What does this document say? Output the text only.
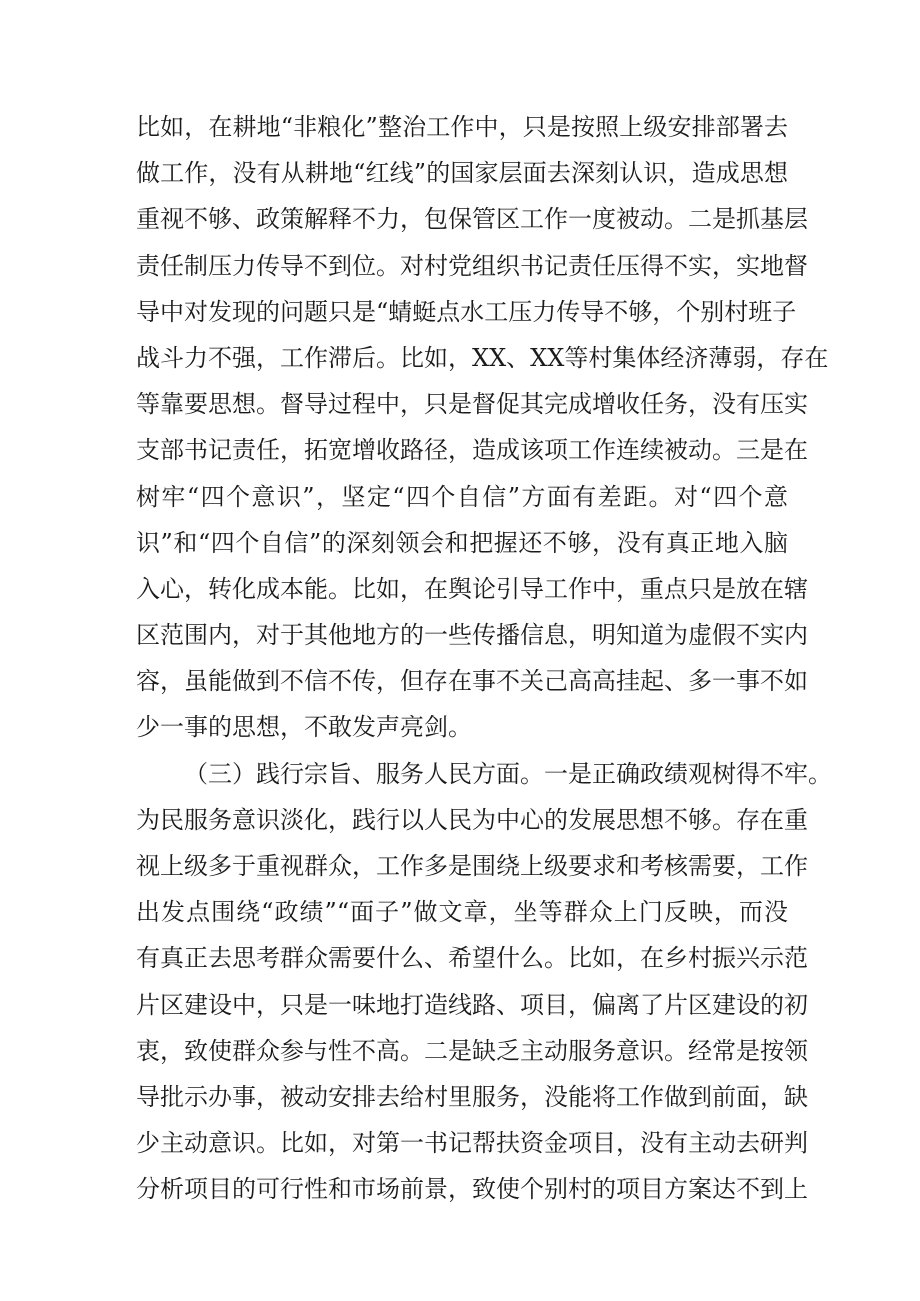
比如，在耕地“非粮化”整治工作中，只是按照上级安排部署去
做工作，没有从耕地“红线”的国家层面去深刻认识，造成思想
重视不够、政策解释不力，包保管区工作一度被动。二是抓基层
责任制压力传导不到位。对村党组织书记责任压得不实，实地督
导中对发现的问题只是“蜻蜓点水工压力传导不够，个别村班子
战斗力不强，工作滞后。比如，XX、XX等村集体经济薄弱，存在
等靠要思想。督导过程中，只是督促其完成增收任务，没有压实
支部书记责任，拓宽增收路径，造成该项工作连续被动。三是在
树牢“四个意识”，坚定“四个自信”方面有差距。对“四个意
识”和“四个自信”的深刻领会和把握还不够，没有真正地入脑
入心，转化成本能。比如，在舆论引导工作中，重点只是放在辖
区范围内，对于其他地方的一些传播信息，明知道为虚假不实内
容，虽能做到不信不传，但存在事不关己高高挂起、多一事不如
少一事的思想，不敢发声亮剑。
（三）践行宗旨、服务人民方面。一是正确政绩观树得不牢。
为民服务意识淡化，践行以人民为中心的发展思想不够。存在重
视上级多于重视群众，工作多是围绕上级要求和考核需要，工作
出发点围绕“政绩”“面子”做文章，坐等群众上门反映，而没
有真正去思考群众需要什么、希望什么。比如，在乡村振兴示范
片区建设中，只是一味地打造线路、项目，偏离了片区建设的初
衷，致使群众参与性不高。二是缺乏主动服务意识。经常是按领
导批示办事，被动安排去给村里服务，没能将工作做到前面，缺
少主动意识。比如，对第一书记帮扶资金项目，没有主动去研判
分析项目的可行性和市场前景，致使个别村的项目方案达不到上
